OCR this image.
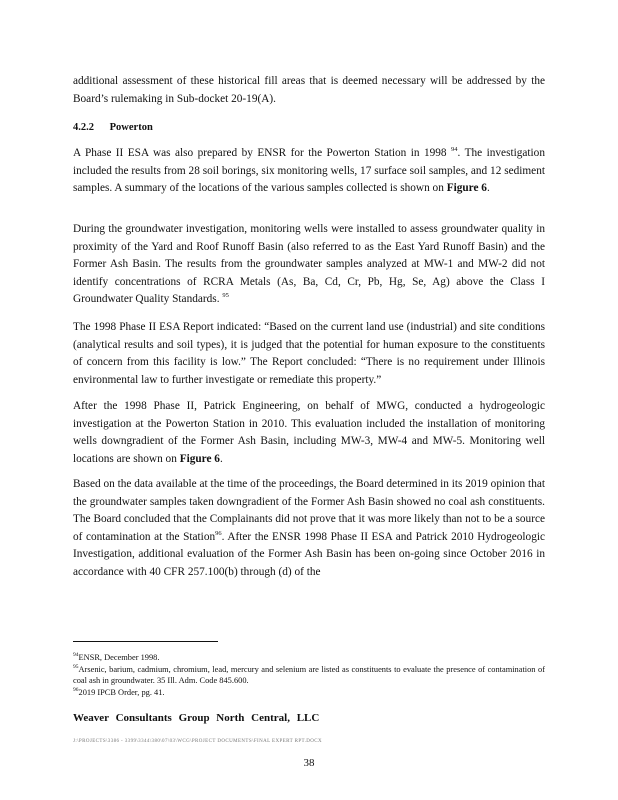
additional assessment of these historical fill areas that is deemed necessary will be addressed by the Board’s rulemaking in Sub-docket 20-19(A).

4.2.2 Powerton

A Phase II ESA was also prepared by ENSR for the Powerton Station in 1998 $^{94}$. The investigation included the results from 28 soil borings, six monitoring wells, 17 surface soil samples, and 12 sediment samples. A summary of the locations of the various samples collected is shown on Figure 6.

During the groundwater investigation, monitoring wells were installed to assess groundwater quality in proximity of the Yard and Roof Runoff Basin (also referred to as the East Yard Runoff Basin) and the Former Ash Basin. The results from the groundwater samples analyzed at MW-1 and MW-2 did not identify concentrations of RCRA Metals (As, Ba, Cd, Cr, Pb, Hg, Se, Ag) above the Class I Groundwater Quality Standards. $^{95}$

The 1998 Phase II ESA Report indicated: “Based on the current land use (industrial) and site conditions (analytical results and soil types), it is judged that the potential for human exposure to the constituents of concern from this facility is low.” The Report concluded: “There is no requirement under Illinois environmental law to further investigate or remediate this property.”

After the 1998 Phase II, Patrick Engineering, on behalf of MWG, conducted a hydrogeologic investigation at the Powerton Station in 2010. This evaluation included the installation of monitoring wells downgradient of the Former Ash Basin, including MW-3, MW-4 and MW-5. Monitoring well locations are shown on Figure 6.

Based on the data available at the time of the proceedings, the Board determined in its 2019 opinion that the groundwater samples taken downgradient of the Former Ash Basin showed no coal ash constituents. The Board concluded that the Complainants did not prove that it was more likely than not to be a source of contamination at the Station$^{96}$. After the ENSR 1998 Phase II ESA and Patrick 2010 Hydrogeologic Investigation, additional evaluation of the Former Ash Basin has been on-going since October 2016 in accordance with 40 CFR 257.100(b) through (d) of the

$^{94}$ENSR, December 1998.

$^{95}$Arsenic, barium, cadmium, chromium, lead, mercury and selenium are listed as constituents to evaluate the presence of contamination of coal ash in groundwater. 35 Ill. Adm. Code 845.600.

$^{96}$2019 IPCB Order, pg. 41.

Weaver Consultants Group North Central, LLC
J:\PROJECTS\3386 - 3399\3344\380\07\03\WCG\PROJECT DOCUMENTS\FINAL EXPERT RPT.DOCX
38
